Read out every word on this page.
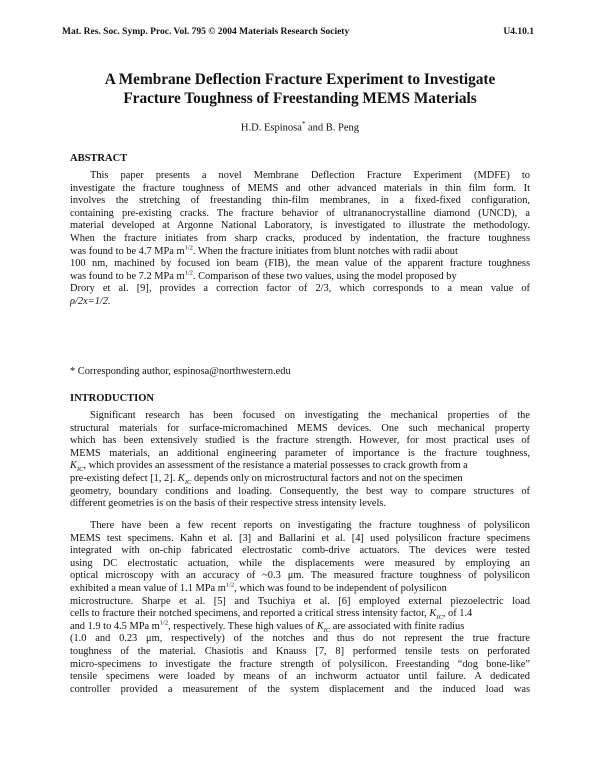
Mat. Res. Soc. Symp. Proc. Vol. 795 © 2004 Materials Research Society	U4.10.1
A Membrane Deflection Fracture Experiment to Investigate
Fracture Toughness of Freestanding MEMS Materials
H.D. Espinosa* and B. Peng
ABSTRACT
This paper presents a novel Membrane Deflection Fracture Experiment (MDFE) to
investigate the fracture toughness of MEMS and other advanced materials in thin film form. It
involves the stretching of freestanding thin-film membranes, in a fixed-fixed configuration,
containing pre-existing cracks. The fracture behavior of ultrananocrystalline diamond (UNCD), a
material developed at Argonne National Laboratory, is investigated to illustrate the methodology.
When the fracture initiates from sharp cracks, produced by indentation, the fracture toughness
was found to be 4.7 MPa $m^{1/2}$. When the fracture initiates from blunt notches with radii about
100 nm, machined by focused ion beam (FIB), the mean value of the apparent fracture toughness
was found to be 7.2 MPa $m^{1/2}$. Comparison of these two values, using the model proposed by
Drory et al. [9], provides a correction factor of 2/3, which corresponds to a mean value of
ρ/2x=1/2.
* Corresponding author, espinosa@northwestern.edu
INTRODUCTION
Significant research has been focused on investigating the mechanical properties of the
structural materials for surface-micromachined MEMS devices. One such mechanical property
which has been extensively studied is the fracture strength. However, for most practical uses of
MEMS materials, an additional engineering parameter of importance is the fracture toughness,
$K_{IC}$, which provides an assessment of the resistance a material possesses to crack growth from a
pre-existing defect [1, 2]. $K_{IC}$ depends only on microstructural factors and not on the specimen
geometry, boundary conditions and loading. Consequently, the best way to compare structures of
different geometries is on the basis of their respective stress intensity levels.
There have been a few recent reports on investigating the fracture toughness of polysilicon
MEMS test specimens. Kahn et al. [3] and Ballarini et al. [4] used polysilicon fracture specimens
integrated with on-chip fabricated electrostatic comb-drive actuators. The devices were tested
using DC electrostatic actuation, while the displacements were measured by employing an
optical microscopy with an accuracy of ~0.3 μm. The measured fracture toughness of polysilicon
exhibited a mean value of 1.1 MPa $m^{1/2}$, which was found to be independent of polysilicon
microstructure. Sharpe et al. [5] and Tsuchiya et al. [6] employed external piezoelectric load
cells to fracture their notched specimens, and reported a critical stress intensity factor, $K_{IC}$, of 1.4
and 1.9 to 4.5 MPa $m^{1/2}$, respectively. These high values of $K_{IC}$ are associated with finite radius
(1.0 and 0.23 μm, respectively) of the notches and thus do not represent the true fracture
toughness of the material. Chasiotis and Knauss [7, 8] performed tensile tests on perforated
micro-specimens to investigate the fracture strength of polysilicon. Freestanding “dog bone-like”
tensile specimens were loaded by means of an inchworm actuator until failure. A dedicated
controller provided a measurement of the system displacement and the induced load was
